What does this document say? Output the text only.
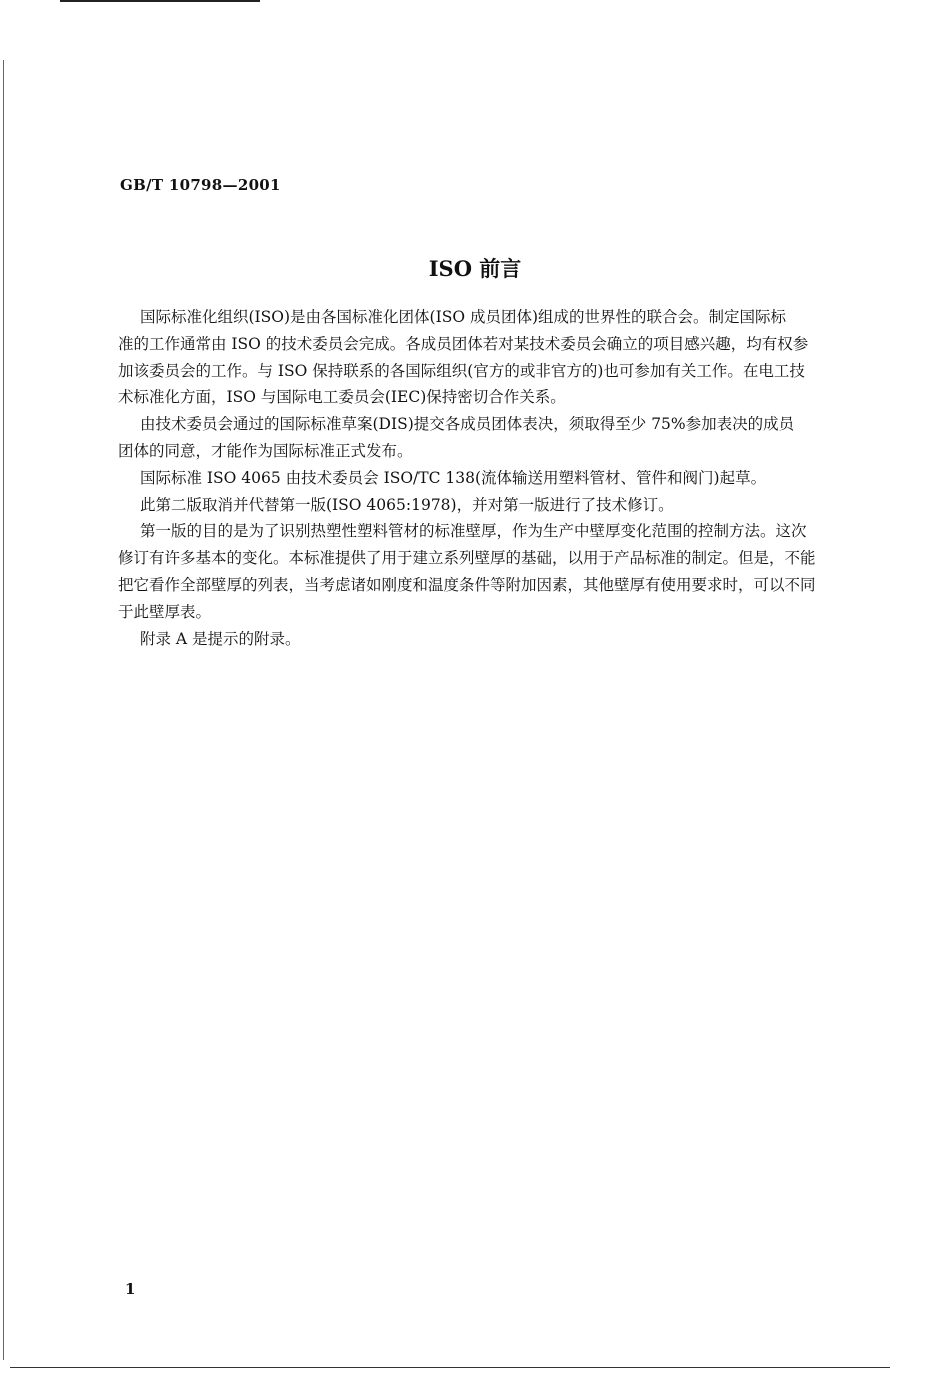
GB/T 10798—2001
ISO 前言
国际标准化组织(ISO)是由各国标准化团体(ISO 成员团体)组成的世界性的联合会。制定国际标
准的工作通常由 ISO 的技术委员会完成。各成员团体若对某技术委员会确立的项目感兴趣，均有权参
加该委员会的工作。与 ISO 保持联系的各国际组织(官方的或非官方的)也可参加有关工作。在电工技
术标准化方面，ISO 与国际电工委员会(IEC)保持密切合作关系。
由技术委员会通过的国际标准草案(DIS)提交各成员团体表决，须取得至少 75%参加表决的成员
团体的同意，才能作为国际标准正式发布。
国际标准 ISO 4065 由技术委员会 ISO/TC 138(流体输送用塑料管材、管件和阀门)起草。
此第二版取消并代替第一版(ISO 4065:1978)，并对第一版进行了技术修订。
第一版的目的是为了识别热塑性塑料管材的标准壁厚，作为生产中壁厚变化范围的控制方法。这次
修订有许多基本的变化。本标准提供了用于建立系列壁厚的基础，以用于产品标准的制定。但是，不能
把它看作全部壁厚的列表，当考虑诸如刚度和温度条件等附加因素，其他壁厚有使用要求时，可以不同
于此壁厚表。
附录 A 是提示的附录。
1
